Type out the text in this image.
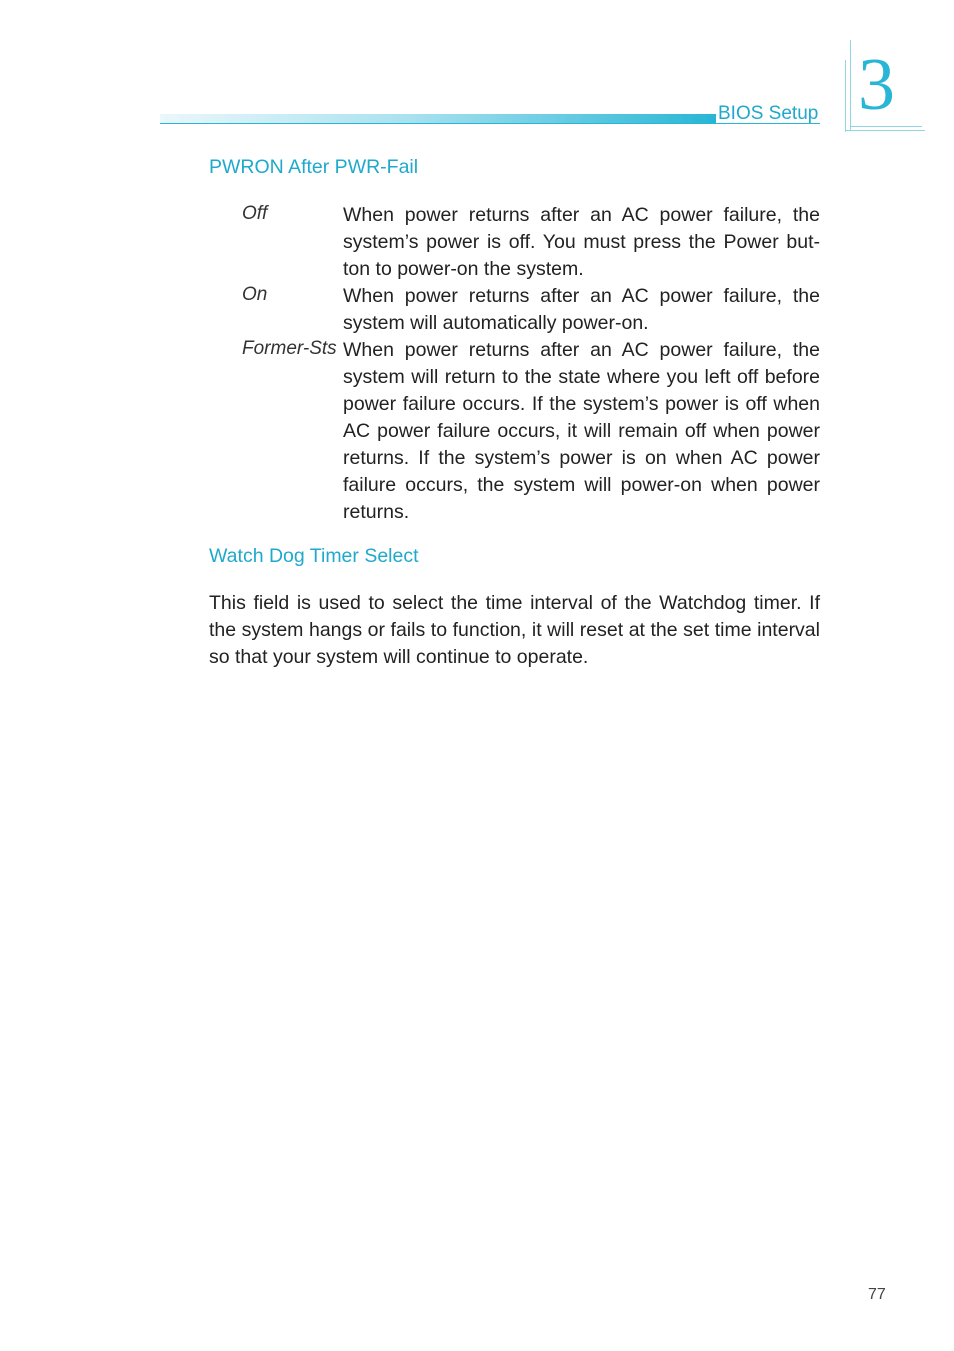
BIOS Setup 3
PWRON After PWR-Fail
Off	When power returns after an AC power failure, the system’s power is off. You must press the Power button to power-on the system.
On	When power returns after an AC power failure, the system will automatically power-on.
Former-Sts When power returns after an AC power failure, the system will return to the state where you left off before power failure occurs. If the system’s power is off when AC power failure occurs, it will remain off when power returns. If the system’s power is on when AC power failure occurs, the system will power-on when power returns.
Watch Dog Timer Select
This field is used to select the time interval of the Watchdog timer. If the system hangs or fails to function, it will reset at the set time interval so that your system will continue to operate.
77
